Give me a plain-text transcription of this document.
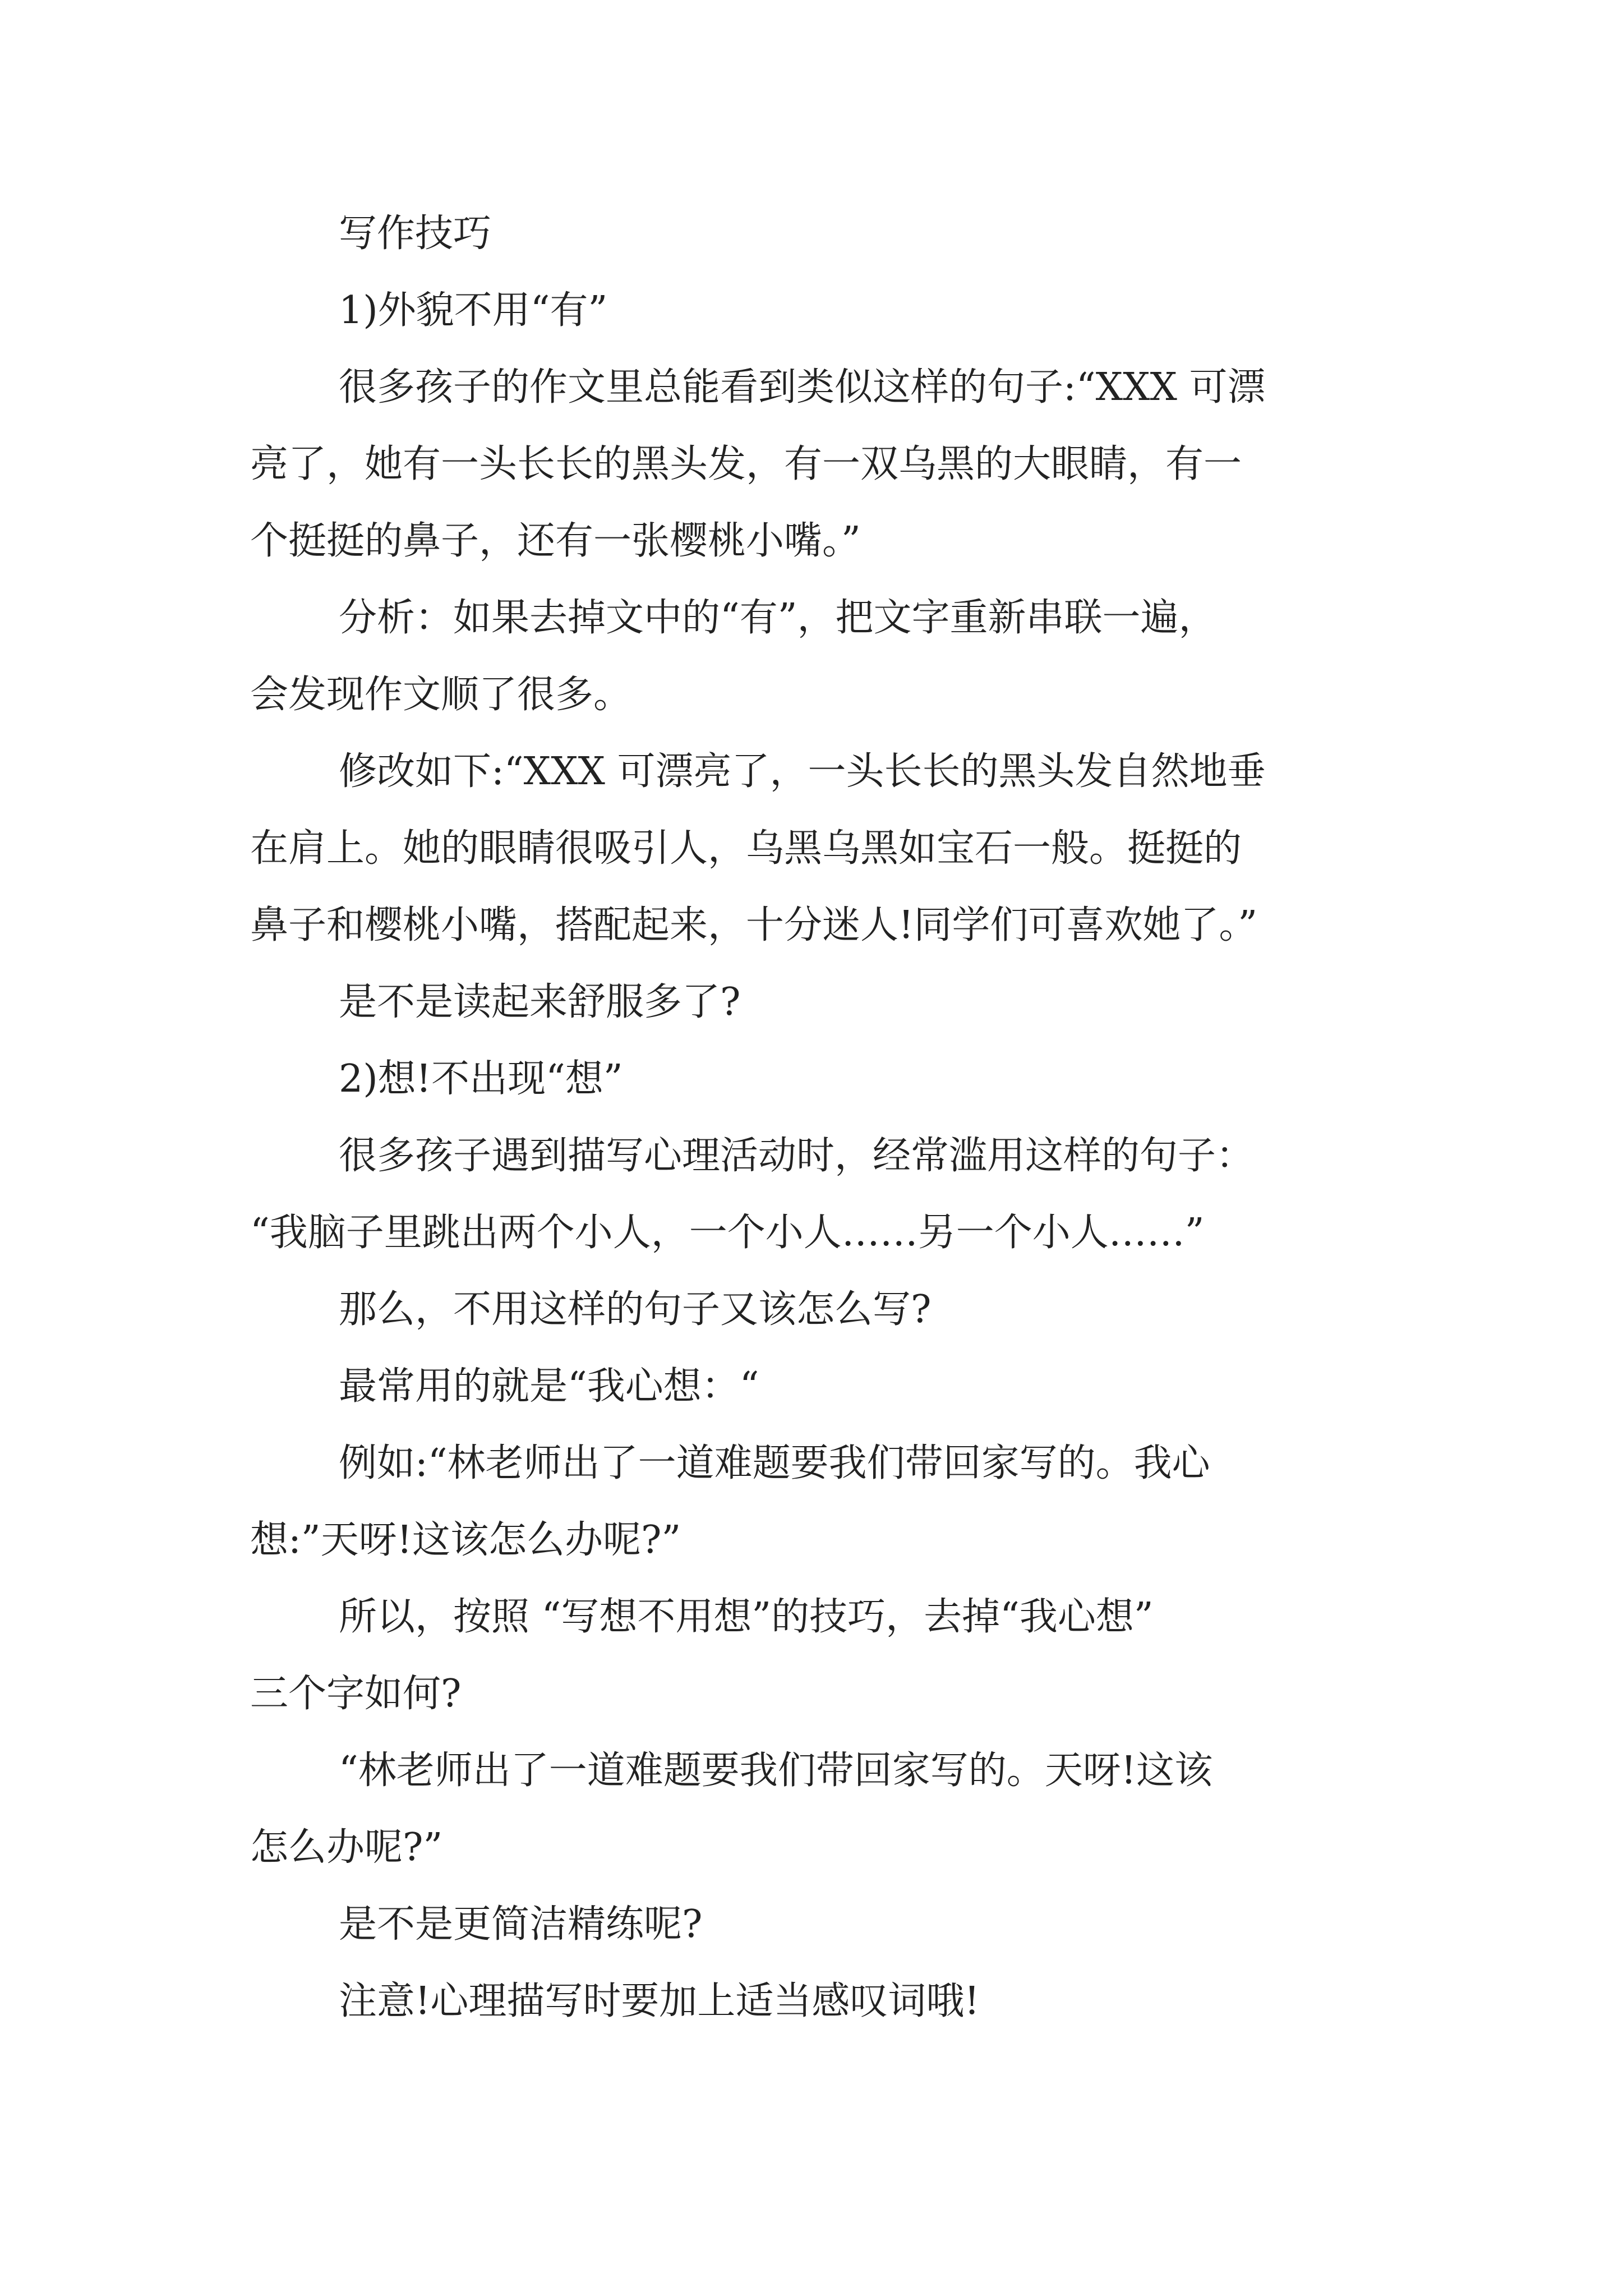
写作技巧

1)外貌不用“有”

很多孩子的作文里总能看到类似这样的句子:“XXX 可漂
亮了，她有一头长长的黑头发，有一双乌黑的大眼睛，有一
个挺挺的鼻子，还有一张樱桃小嘴。”

分析：如果去掉文中的“有”，把文字重新串联一遍，
会发现作文顺了很多。

修改如下:“XXX 可漂亮了，一头长长的黑头发自然地垂
在肩上。她的眼睛很吸引人，乌黑乌黑如宝石一般。挺挺的
鼻子和樱桃小嘴，搭配起来，十分迷人!同学们可喜欢她了。”

是不是读起来舒服多了?

2)想!不出现“想”

很多孩子遇到描写心理活动时，经常滥用这样的句子：
“我脑子里跳出两个小人，一个小人……另一个小人……”

那么，不用这样的句子又该怎么写?

最常用的就是“我心想：“

例如:“林老师出了一道难题要我们带回家写的。我心
想:”天呀!这该怎么办呢?”

所以，按照 “写想不用想”的技巧，去掉“我心想”
三个字如何?

“林老师出了一道难题要我们带回家写的。天呀!这该
怎么办呢?”

是不是更简洁精练呢?

注意!心理描写时要加上适当感叹词哦!
